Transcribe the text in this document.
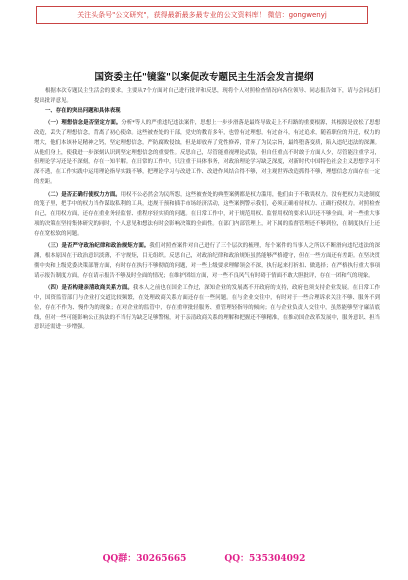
关注头条号"公文研究"，获得最新最多最专业的公文资料库！ 微信：gongwenyj
国资委主任"镜鉴"以案促改专题民主生活会发言提纲

根据本次专题民主生活会的要求，主要从7个方面对自己进行批评和反思，现将个人对照检查情况向各位领导、同志报告如下，请与会同志们提出批评意见。

一、存在的突出问题和具体表现

（一）理想信念是否坚定方面。分析*等人的严重违纪违法案件，思想上一步步滑落是最终导致走上不归路的重要根源，其根源是放松了思想改造，丢失了理想信念，背离了初心使命。这些被查处的干部，党史的教育多年，也曾有过理想，有过奋斗，有过追求，随着职位的升迁，权力的增大，他们本该补足精神之钙，坚定理想信念，严防腐败侵蚀，但是却放弃了党性修养，背弃了为民宗旨，最终堕落变质，陷入违纪违法的深渊。从他们身上，使我进一步深刻认识到坚定理想信念的重要性。反思自己，尽管能重视理论武装，但自任重点不时敢于方面人少，尽管能注重学习，但理论学习还是不深刻，存在一知半解。在日常的工作中，只注重于具体事务，对政治理论学习缺乏深度，对新时代中国特色社会主义思想学习不深不透，在工作实践中运用理论指导实践不够，把理论学习与改进工作、改进作风结合得不够，对主观世界改造抓得不够，理想信念方面存在一定的差距。

（二）是否正确行使权力方面。用权不公必然会为民所怨，这些被查处的典型案例都是权力滥用，他们由于不敬畏权力，没有把权力关进制度的笼子里，把手中的权力当作谋取私利的工具，违规干预和插手市场经济活动，这些案例警示我们，必须正确看待权力、正确行使权力。对照检查自己，在用权方面，还存在重业务轻监督、重程序轻实质的问题。在日常工作中，对于规范用权、监督用权的要求认识还不够全面，对一些重大事项的决策在坚持集体研究的同时，个人意见和想法有时会影响决策的全面性。在部门内部管理上，对下属的监督管理还不够到位，在制度执行上还存在宽松软的问题。

（三）是否严守政治纪律和政治规矩方面。我们对照查案件对自己进行了三个层次的梳理，每个案件的当事人之所以不断滑向违纪违法的深渊，根本原因在于政治意识淡薄，不守规矩，目无组织。反思自己，对政治纪律和政治规矩虽然能够严格遵守，但在一些方面还有差距。在坚决贯彻中央和上级党委决策部署方面，有时存在执行不够彻底的问题，对一些上级要求理解领会不深，执行起来打折扣、做选择；在严格执行重大事项请示报告制度方面，存在请示报告不够及时全面的情况；在维护团结方面，对一些不良风气有时碍于情面不敢大胆批评，存在一团和气的现象。

（四）是否构建亲清政商关系方面。我本人之前也在国企工作过，深知企业的发展离不开政府的支持，政府也须支持企业发展。在日常工作中，国资监管部门与企业打交道比较频繁，在处理政商关系方面还存在一些问题。在与企业交往中，有时对于一些合理诉求关注不够、服务不到位，存在不作为、慢作为的现象；在对企业的监管中，存在重审批轻服务、重管理轻指导的倾向；在与企业负责人交往中，虽然能够坚守廉洁底线，但对一些可能影响公正执法的不当行为缺乏足够警惕，对于亲清政商关系的理解和把握还不够精准，在推动国企改革发展中，服务意识、担当意识还需进一步增强。

QQ群：30265665	QQ：535304092
